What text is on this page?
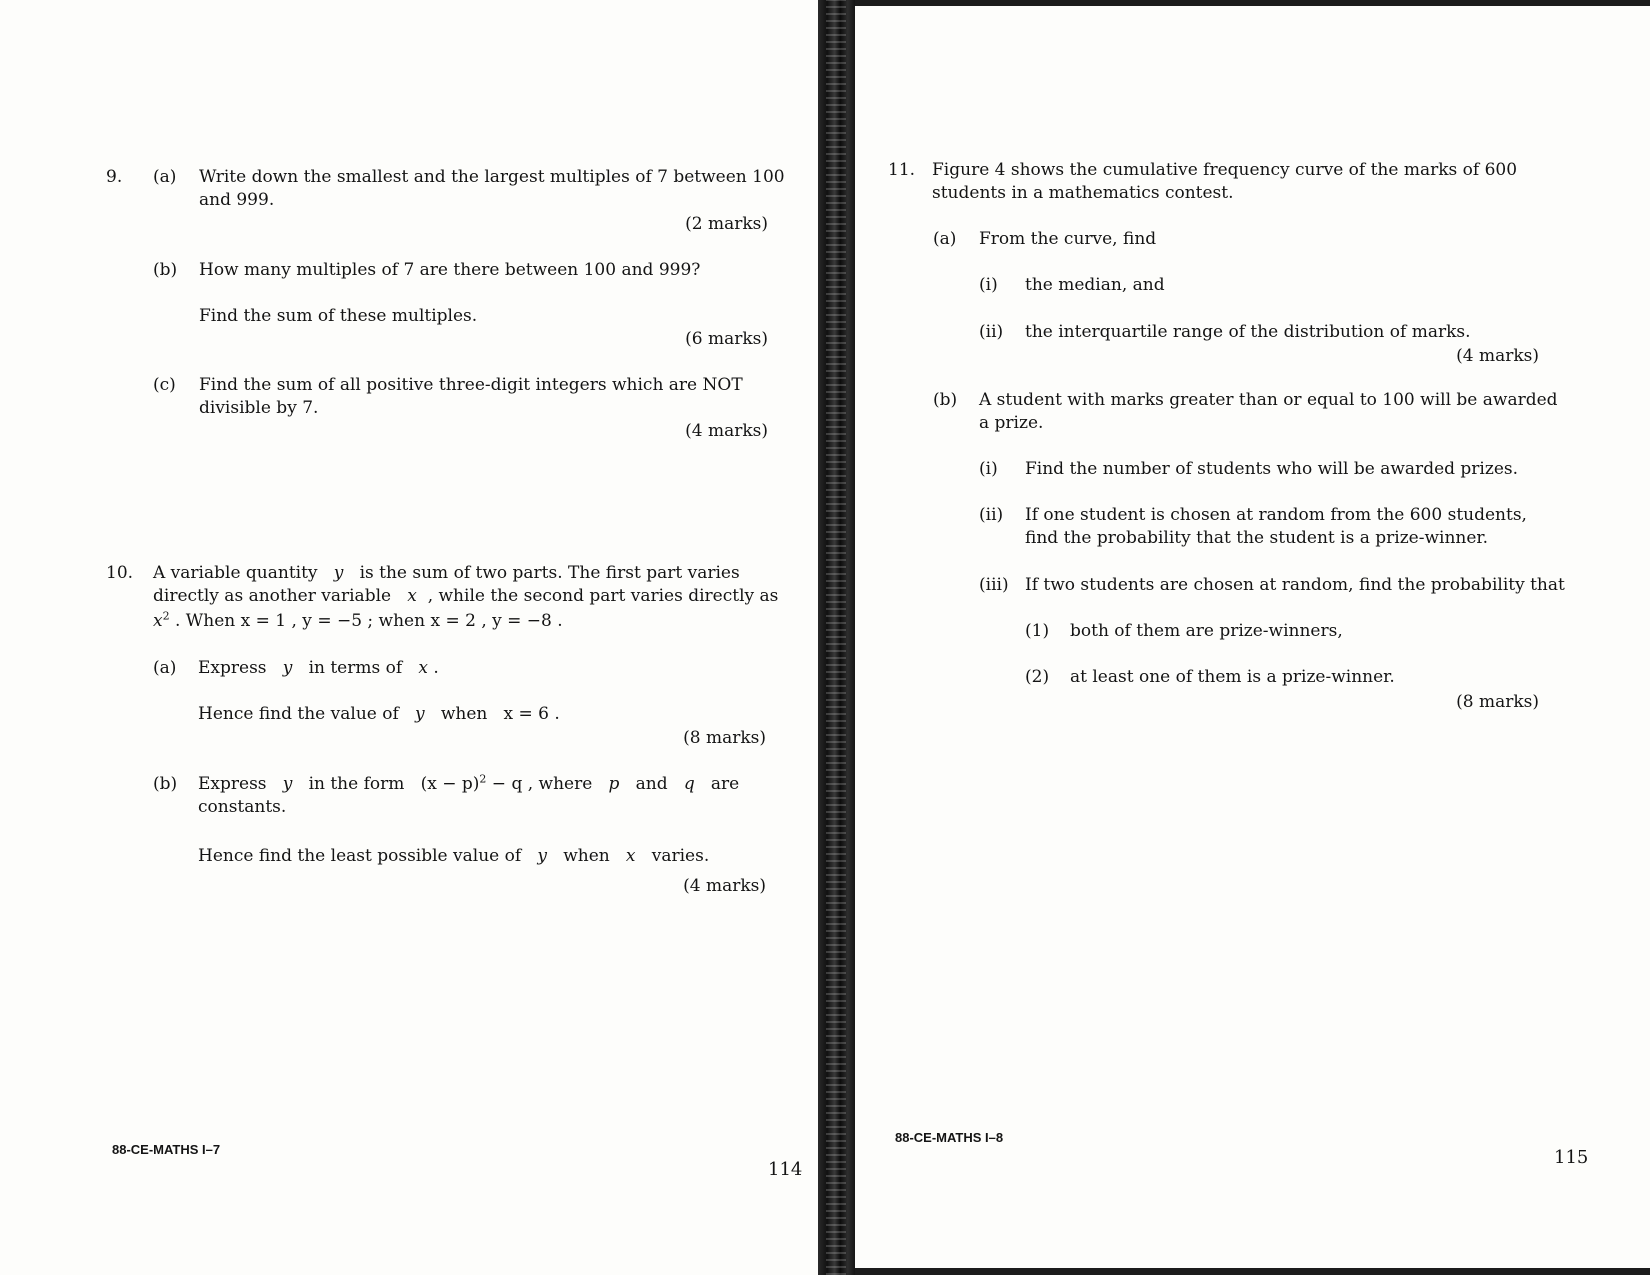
9. (a) Write down the smallest and the largest multiples of 7 between 100
and 999.
(2 marks)
(b) How many multiples of 7 are there between 100 and 999?
Find the sum of these multiples.
(6 marks)
(c) Find the sum of all positive three-digit integers which are NOT
divisible by 7.
(4 marks)
10. A variable quantity y is the sum of two parts. The first part varies
directly as another variable x , while the second part varies directly as
$x^2$ . When x = 1 , y = −5 ; when x = 2 , y = −8 .
(a) Express y in terms of x .
Hence find the value of y when x = 6 .
(8 marks)
(b) Express y in the form $(x - p)^2 - q$ , where p and q are
constants.
Hence find the least possible value of y when x varies.
(4 marks)
88-CE-MATHS I–7
114
11. Figure 4 shows the cumulative frequency curve of the marks of 600
students in a mathematics contest.
(a) From the curve, find
(i) the median, and
(ii) the interquartile range of the distribution of marks.
(4 marks)
(b) A student with marks greater than or equal to 100 will be awarded
a prize.
(i) Find the number of students who will be awarded prizes.
(ii) If one student is chosen at random from the 600 students,
find the probability that the student is a prize-winner.
(iii) If two students are chosen at random, find the probability that
(1) both of them are prize-winners,
(2) at least one of them is a prize-winner.
(8 marks)
88-CE-MATHS I–8
115
